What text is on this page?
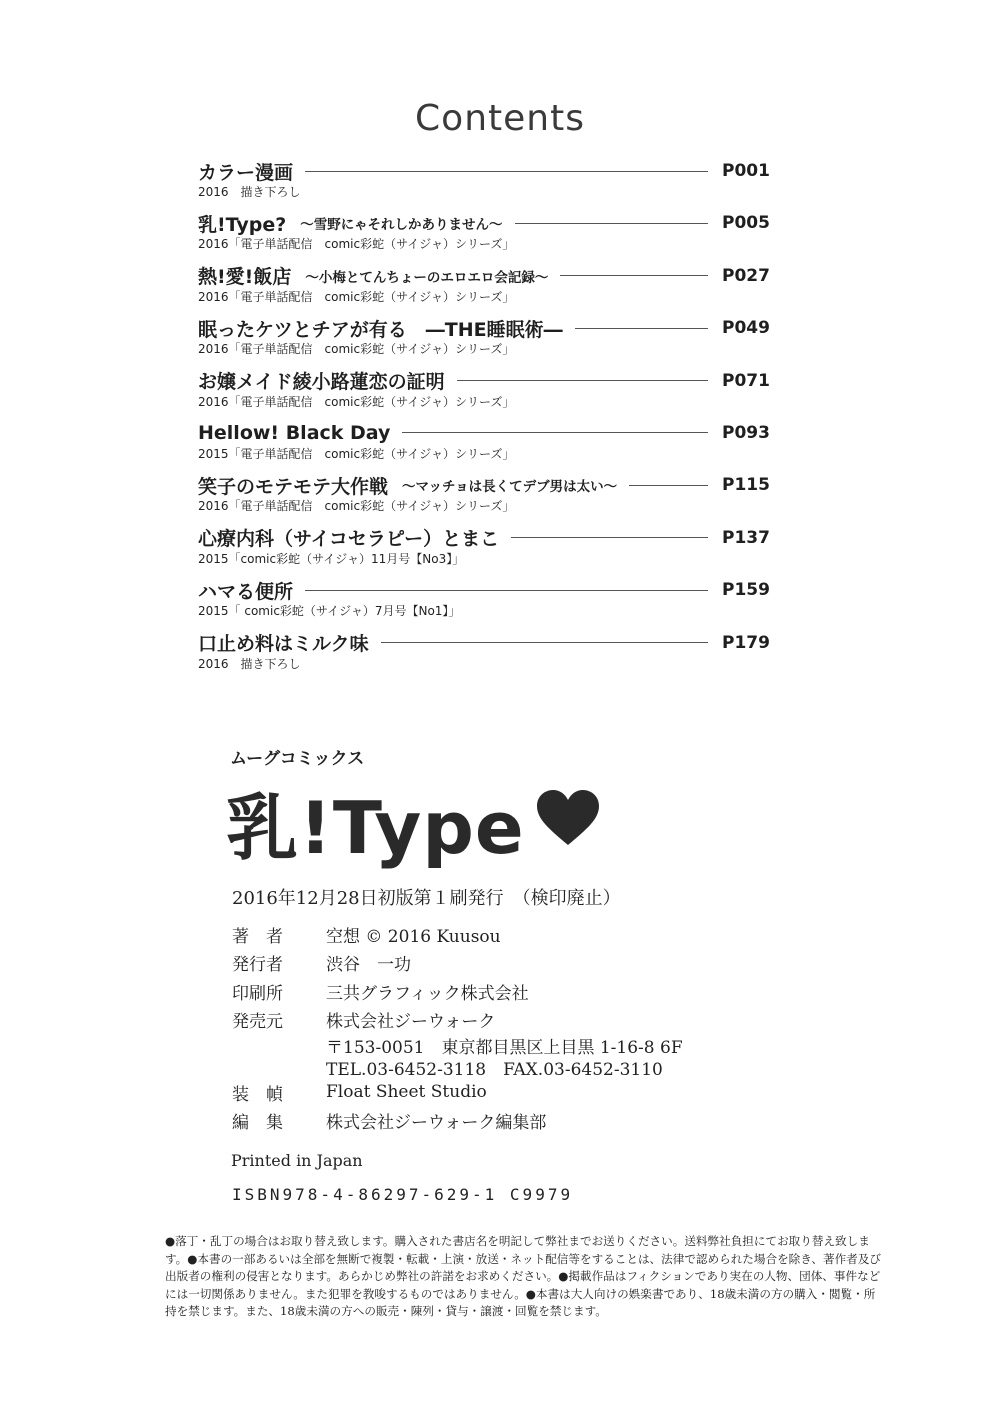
Contents
カラー漫画	P001
2016　描き下ろし
乳!Type? ～雪野にゃそれしかありません～	P005
2016「電子単話配信　comic彩蛇（サイジャ）シリーズ」
熱!愛!飯店 ～小梅とてんちょーのエロエロ会記録～	P027
2016「電子単話配信　comic彩蛇（サイジャ）シリーズ」
眠ったケツとチアが有る　―THE睡眠術―	P049
2016「電子単話配信　comic彩蛇（サイジャ）シリーズ」
お嬢メイド綾小路蓮恋の証明	P071
2016「電子単話配信　comic彩蛇（サイジャ）シリーズ」
Hellow! Black Day	P093
2015「電子単話配信　comic彩蛇（サイジャ）シリーズ」
笑子のモテモテ大作戦 ～マッチョは長くてデブ男は太い～	P115
2016「電子単話配信　comic彩蛇（サイジャ）シリーズ」
心療内科（サイコセラピー）とまこ	P137
2015「comic彩蛇（サイジャ）11月号【No3】」
ハマる便所	P159
2015「 comic彩蛇（サイジャ）7月号【No1】」
口止め料はミルク味	P179
2016　描き下ろし
ムーグコミックス
乳!Type
2016年12月28日初版第１刷発行　（検印廃止）
著　者	空想 © 2016 Kuusou
発行者	渋谷　一功
印刷所	三共グラフィック株式会社
発売元	株式会社ジーウォーク
〒153-0051　東京都目黒区上目黒 1-16-8 6F
TEL.03-6452-3118　FAX.03-6452-3110
装　幀	Float Sheet Studio
編　集	株式会社ジーウォーク編集部
Printed in Japan
ISBN978-4-86297-629-1 C9979
●落丁・乱丁の場合はお取り替え致します。購入された書店名を明記して弊社までお送りください。送料弊社負担にてお取り替え致しま
す。●本書の一部あるいは全部を無断で複製・転載・上演・放送・ネット配信等をすることは、法律で認められた場合を除き、著作者及び
出版者の権利の侵害となります。あらかじめ弊社の許諾をお求めください。●掲載作品はフィクションであり実在の人物、団体、事件など
には一切関係ありません。また犯罪を教唆するものではありません。●本書は大人向けの娯楽書であり、18歳未満の方の購入・閲覧・所
持を禁じます。また、18歳未満の方への販売・陳列・貸与・譲渡・回覧を禁じます。
